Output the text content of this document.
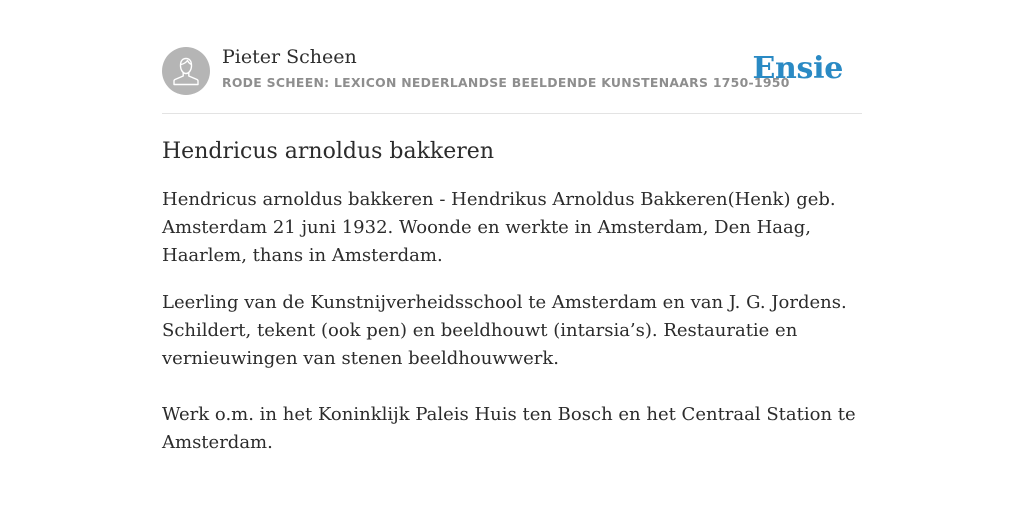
Pieter Scheen
RODE SCHEEN: LEXICON NEDERLANDSE BEELDENDE KUNSTENAARS 1750-1950
Ensie
Hendricus arnoldus bakkeren

Hendricus arnoldus bakkeren - Hendrikus Arnoldus Bakkeren(Henk) geb. Amsterdam 21 juni 1932. Woonde en werkte in Amsterdam, Den Haag, Haarlem, thans in Amsterdam.

Leerling van de Kunstnijverheidsschool te Amsterdam en van J. G. Jordens. Schildert, tekent (ook pen) en beeldhouwt (intarsia’s). Restauratie en vernieuwingen van stenen beeldhouwwerk.

Werk o.m. in het Koninklijk Paleis Huis ten Bosch en het Centraal Station te Amsterdam.
